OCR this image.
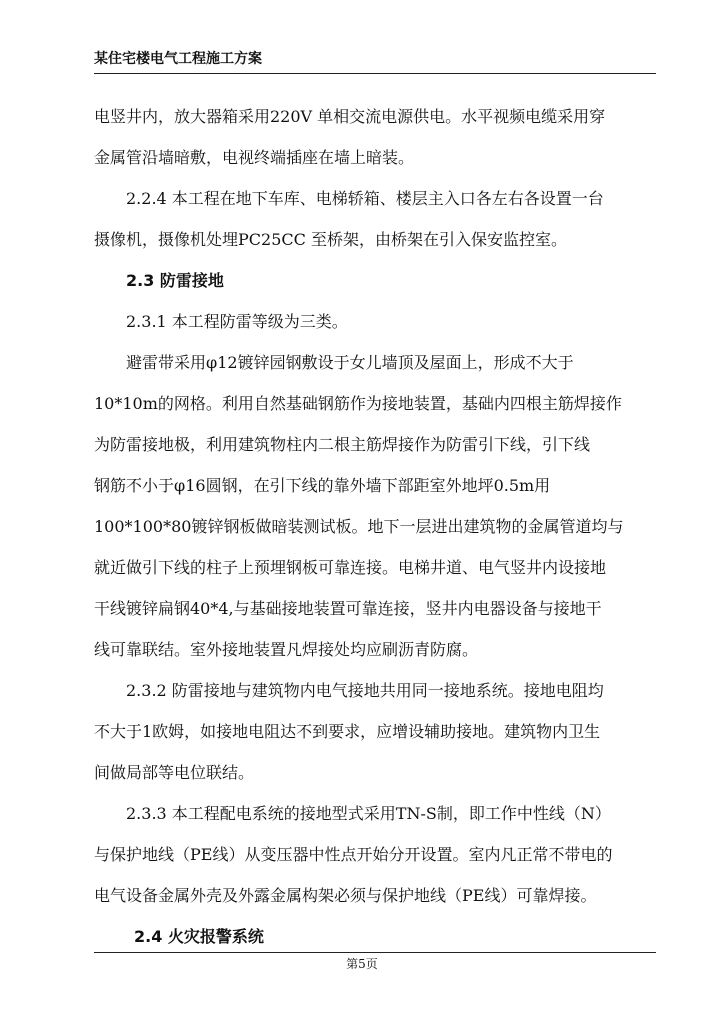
某住宅楼电气工程施工方案
电竖井内，放大器箱采用220V 单相交流电源供电。水平视频电缆采用穿
金属管沿墙暗敷，电视终端插座在墙上暗装。
2.2.4 本工程在地下车库、电梯轿箱、楼层主入口各左右各设置一台
摄像机，摄像机处埋PC25CC 至桥架，由桥架在引入保安监控室。
2.3 防雷接地
2.3.1 本工程防雷等级为三类。
避雷带采用φ12镀锌园钢敷设于女儿墙顶及屋面上，形成不大于
10*10m的网格。利用自然基础钢筋作为接地装置，基础内四根主筋焊接作
为防雷接地极，利用建筑物柱内二根主筋焊接作为防雷引下线，引下线
钢筋不小于φ16圆钢，在引下线的靠外墙下部距室外地坪0.5m用
100*100*80镀锌钢板做暗装测试板。地下一层进出建筑物的金属管道均与
就近做引下线的柱子上预埋钢板可靠连接。电梯井道、电气竖井内设接地
干线镀锌扁钢40*4,与基础接地装置可靠连接，竖井内电器设备与接地干
线可靠联结。室外接地装置凡焊接处均应刷沥青防腐。
2.3.2 防雷接地与建筑物内电气接地共用同一接地系统。接地电阻均
不大于1欧姆，如接地电阻达不到要求，应增设辅助接地。建筑物内卫生
间做局部等电位联结。
2.3.3 本工程配电系统的接地型式采用TN-S制，即工作中性线（N）
与保护地线（PE线）从变压器中性点开始分开设置。室内凡正常不带电的
电气设备金属外壳及外露金属构架必须与保护地线（PE线）可靠焊接。
2.4 火灾报警系统
第5页
